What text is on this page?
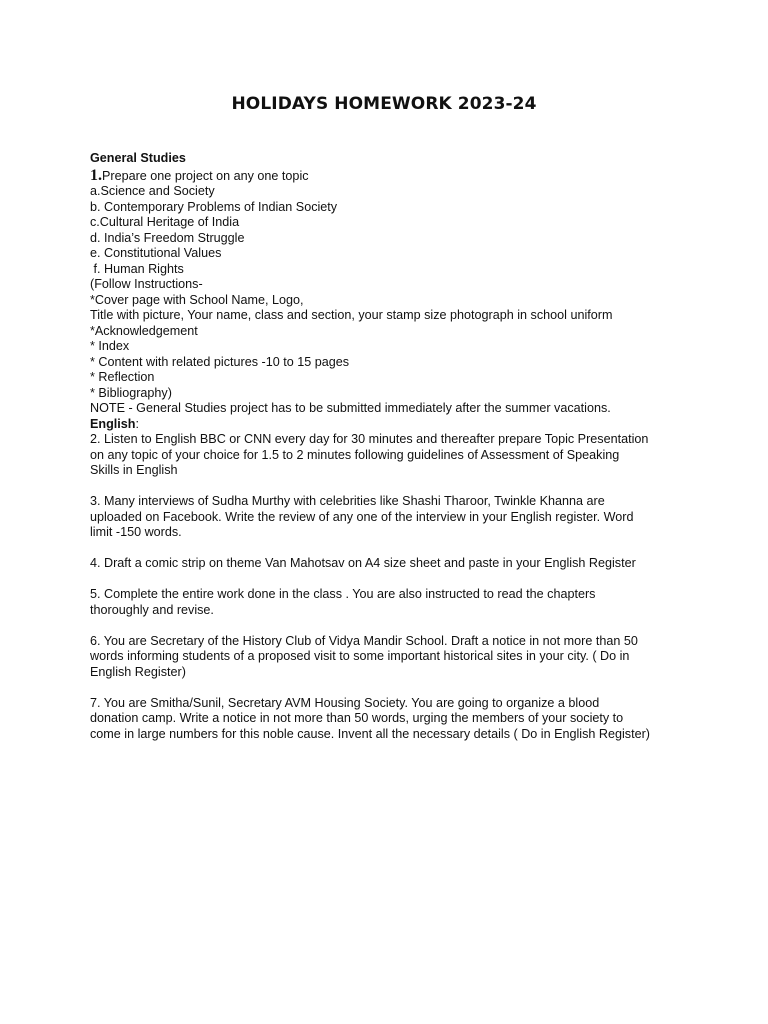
HOLIDAYS HOMEWORK 2023-24
General Studies
1.Prepare one project on any one topic
a.Science and Society
b. Contemporary Problems of Indian Society
c.Cultural Heritage of India
d. India’s Freedom Struggle
e. Constitutional Values
f. Human Rights
(Follow Instructions-
*Cover page with School Name, Logo,
Title with picture, Your name, class and section, your stamp size photograph in school uniform
*Acknowledgement
* Index
* Content with related pictures -10 to 15 pages
* Reflection
* Bibliography)
NOTE - General Studies project has to be submitted immediately after the summer vacations.
English:
2. Listen to English BBC or CNN every day for 30 minutes and thereafter prepare Topic Presentation
on any topic of your choice for 1.5 to 2 minutes following guidelines of Assessment of Speaking
Skills in English
3. Many interviews of Sudha Murthy with celebrities like Shashi Tharoor, Twinkle Khanna are
uploaded on Facebook. Write the review of any one of the interview in your English register. Word
limit -150 words.
4. Draft a comic strip on theme Van Mahotsav on A4 size sheet and paste in your English Register
5. Complete the entire work done in the class . You are also instructed to read the chapters
thoroughly and revise.
6. You are Secretary of the History Club of Vidya Mandir School. Draft a notice in not more than 50
words informing students of a proposed visit to some important historical sites in your city. ( Do in
English Register)
7. You are Smitha/Sunil, Secretary AVM Housing Society. You are going to organize a blood
donation camp. Write a notice in not more than 50 words, urging the members of your society to
come in large numbers for this noble cause. Invent all the necessary details ( Do in English Register)
